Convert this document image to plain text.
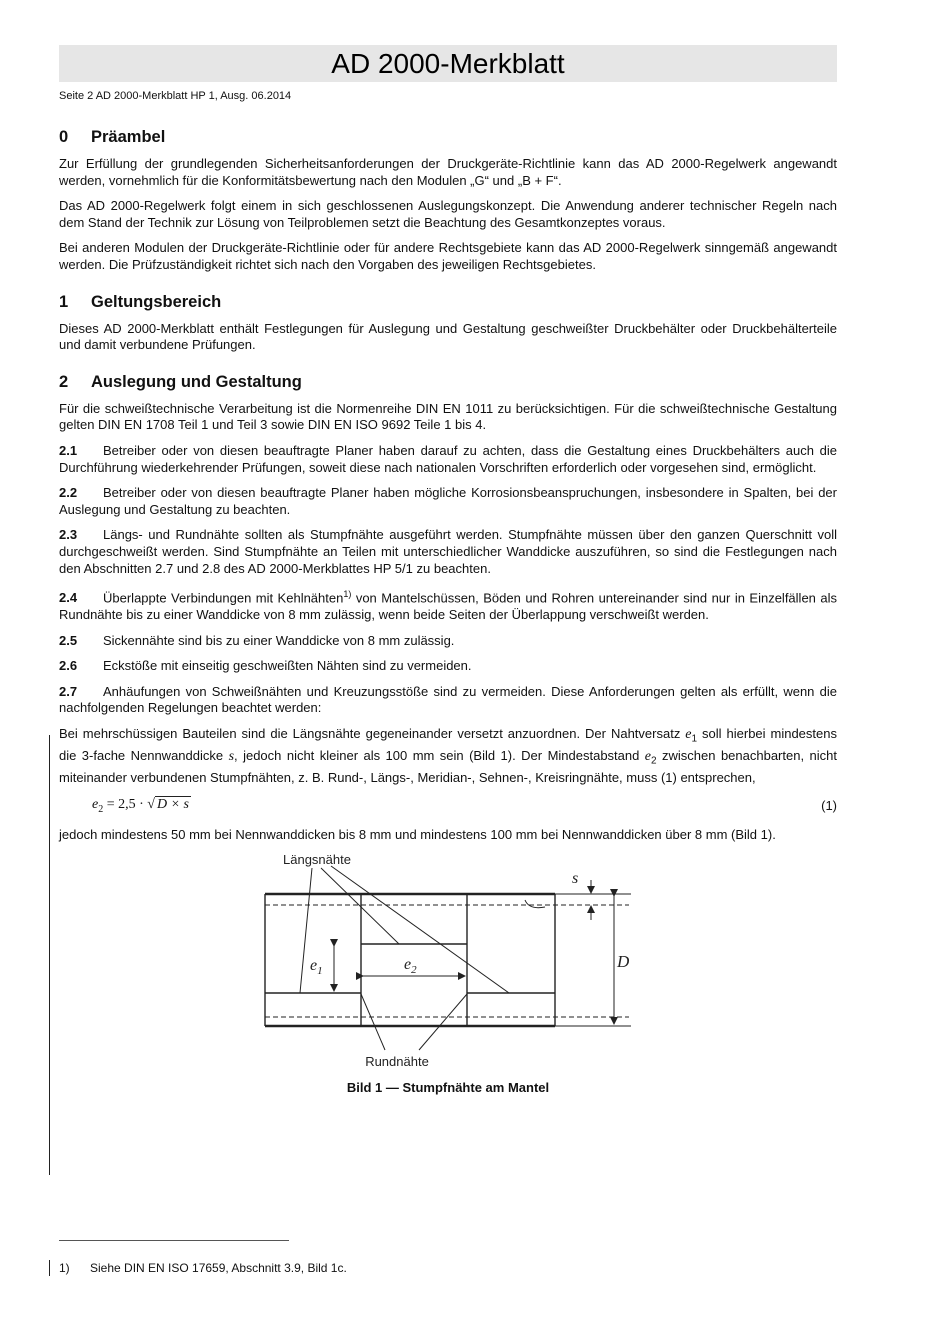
AD 2000-Merkblatt
Seite 2 AD 2000-Merkblatt HP 1, Ausg. 06.2014
0	Präambel

Zur Erfüllung der grundlegenden Sicherheitsanforderungen der Druckgeräte-Richtlinie kann das AD 2000-Regelwerk angewandt werden, vornehmlich für die Konformitätsbewertung nach den Modulen „G“ und „B + F“.

Das AD 2000-Regelwerk folgt einem in sich geschlossenen Auslegungskonzept. Die Anwendung anderer technischer Regeln nach dem Stand der Technik zur Lösung von Teilproblemen setzt die Beachtung des Gesamtkonzeptes voraus.

Bei anderen Modulen der Druckgeräte-Richtlinie oder für andere Rechtsgebiete kann das AD 2000-Regelwerk sinngemäß angewandt werden. Die Prüfzuständigkeit richtet sich nach den Vorgaben des jeweiligen Rechtsgebietes.

1	Geltungsbereich

Dieses AD 2000-Merkblatt enthält Festlegungen für Auslegung und Gestaltung geschweißter Druckbehälter oder Druckbehälterteile und damit verbundene Prüfungen.

2	Auslegung und Gestaltung

Für die schweißtechnische Verarbeitung ist die Normenreihe DIN EN 1011 zu berücksichtigen. Für die schweißtechnische Gestaltung gelten DIN EN 1708 Teil 1 und Teil 3 sowie DIN EN ISO 9692 Teile 1 bis 4.

2.1 Betreiber oder von diesen beauftragte Planer haben darauf zu achten, dass die Gestaltung eines Druckbehälters auch die Durchführung wiederkehrender Prüfungen, soweit diese nach nationalen Vorschriften erforderlich oder vorgesehen sind, ermöglicht.

2.2 Betreiber oder von diesen beauftragte Planer haben mögliche Korrosionsbeanspruchungen, insbesondere in Spalten, bei der Auslegung und Gestaltung zu beachten.

2.3 Längs- und Rundnähte sollten als Stumpfnähte ausgeführt werden. Stumpfnähte müssen über den ganzen Querschnitt voll durchgeschweißt werden. Sind Stumpfnähte an Teilen mit unterschiedlicher Wanddicke auszuführen, so sind die Festlegungen nach den Abschnitten 2.7 und 2.8 des AD 2000-Merkblattes HP 5/1 zu beachten.

2.4 Überlappte Verbindungen mit Kehlnähten$^{1)}$ von Mantelschüssen, Böden und Rohren untereinander sind nur in Einzelfällen als Rundnähte bis zu einer Wanddicke von 8 mm zulässig, wenn beide Seiten der Überlappung verschweißt werden.

2.5 Sickennähte sind bis zu einer Wanddicke von 8 mm zulässig.

2.6 Eckstöße mit einseitig geschweißten Nähten sind zu vermeiden.

2.7 Anhäufungen von Schweißnähten und Kreuzungsstöße sind zu vermeiden. Diese Anforderungen gelten als erfüllt, wenn die nachfolgenden Regelungen beachtet werden:

Bei mehrschüssigen Bauteilen sind die Längsnähte gegeneinander versetzt anzuordnen. Der Nahtversatz $e_1$ soll hierbei mindestens die 3-fache Nennwanddicke s, jedoch nicht kleiner als 100 mm sein (Bild 1). Der Mindestabstand $e_2$ zwischen benachbarten, nicht miteinander verbundenen Stumpfnähten, z. B. Rund-, Längs-, Meridian-, Sehnen-, Kreisringnähte, muss (1) entsprechen,

$e_2 = 2,5$ · √ D × s	(1)

jedoch mindestens 50 mm bei Nennwanddicken bis 8 mm und mindestens 100 mm bei Nennwanddicken über 8 mm (Bild 1).

Längsnähte
Rundnähte
$e_1$	$e_2$
s
D
Bild 1 — Stumpfnähte am Mantel
1) Siehe DIN EN ISO 17659, Abschnitt 3.9, Bild 1c.
